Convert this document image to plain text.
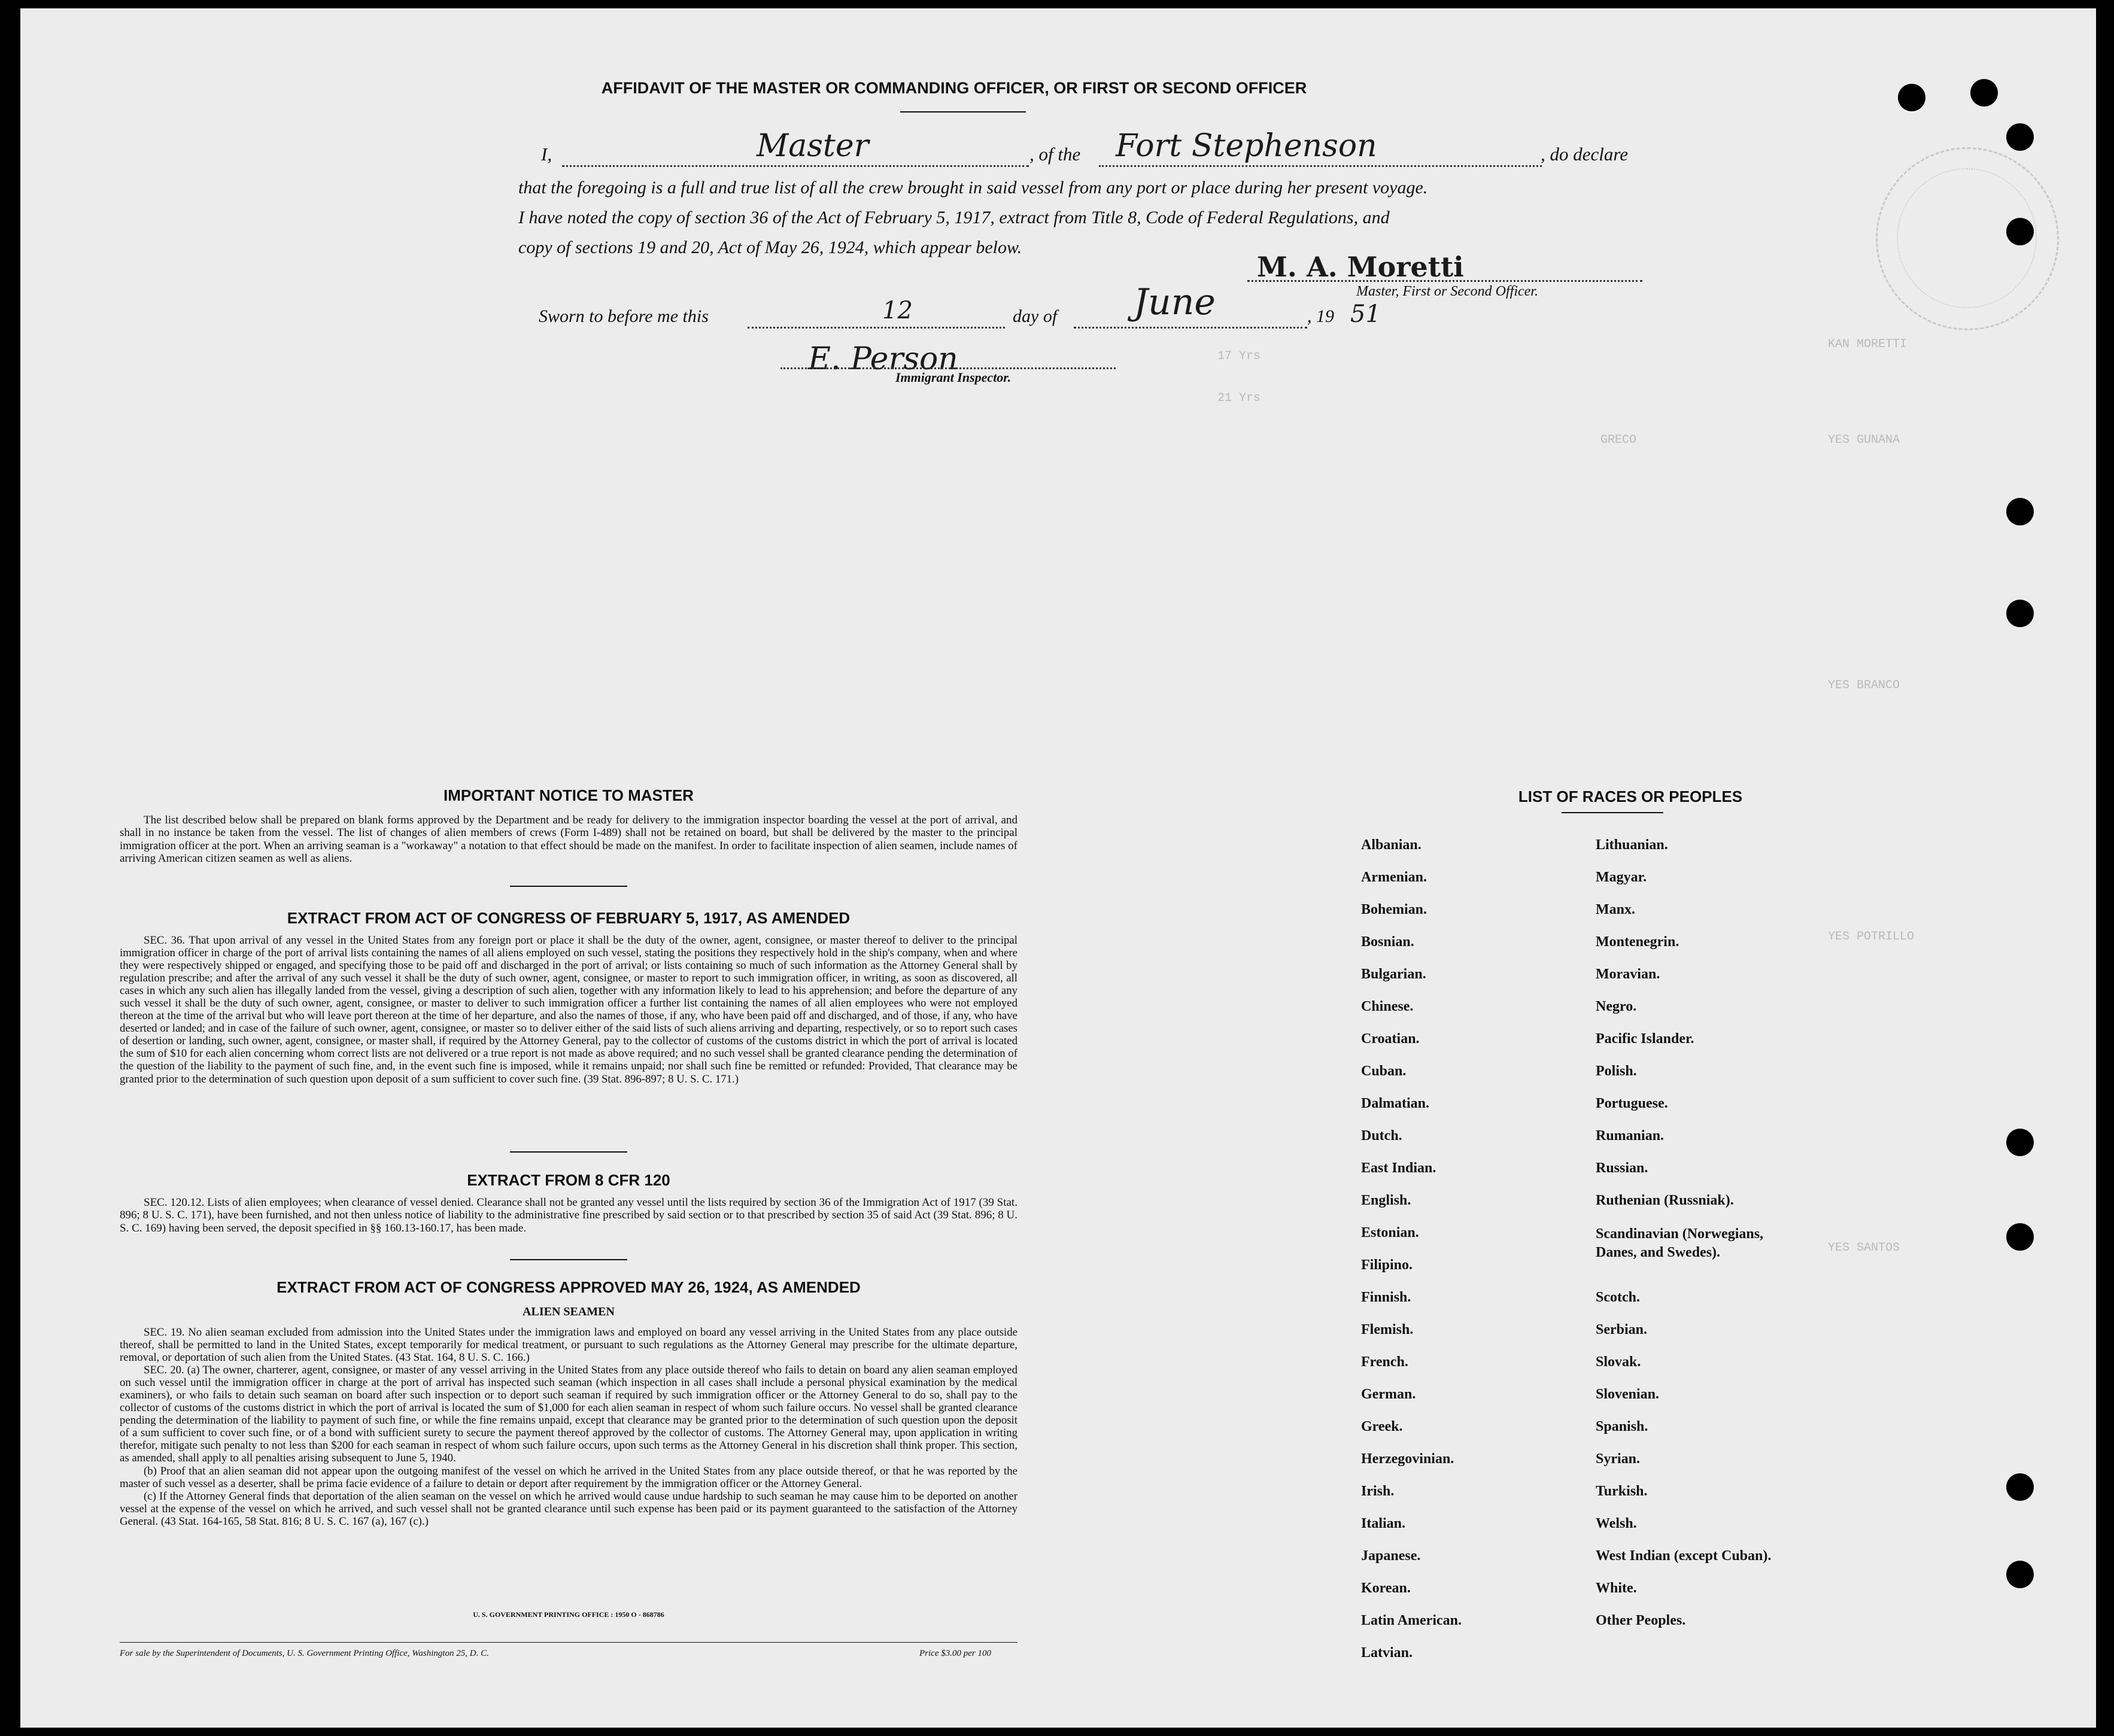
KAN MORETTI
YES GUNANA
GRECO
17 Yrs
21 Yrs
YES BRANCO
YES POTRILLO
YES SANTOS
AFFIDAVIT OF THE MASTER OR COMMANDING OFFICER, OR FIRST OR SECOND OFFICER
I,	Master	, of the Fort Stephenson	, do declare
that the foregoing is a full and true list of all the crew brought in said vessel from any port or place during her present voyage.
I have noted the copy of section 36 of the Act of February 5, 1917, extract from Title 8, Code of Federal Regulations, and
copy of sections 19 and 20, Act of May 26, 1924, which appear below.
M. A. Moretti
Master, First or Second Officer.
Sworn to before me this	12	day of June	, 19 51
E. Person
Immigrant Inspector.
IMPORTANT NOTICE TO MASTER

The list described below shall be prepared on blank forms approved by the Department and be ready for delivery to the immigration inspector boarding the vessel at the port of arrival, and shall in no instance be taken from the vessel. The list of changes of alien members of crews (Form I-489) shall not be retained on board, but shall be delivered by the master to the principal immigration officer at the port. When an arriving seaman is a "workaway" a notation to that effect should be made on the manifest. In order to facilitate inspection of alien seamen, include names of arriving American citizen seamen as well as aliens.

EXTRACT FROM ACT OF CONGRESS OF FEBRUARY 5, 1917, AS AMENDED

SEC. 36. That upon arrival of any vessel in the United States from any foreign port or place it shall be the duty of the owner, agent, consignee, or master thereof to deliver to the principal immigration officer in charge of the port of arrival lists containing the names of all aliens employed on such vessel, stating the positions they respectively hold in the ship's company, when and where they were respectively shipped or engaged, and specifying those to be paid off and discharged in the port of arrival; or lists containing so much of such information as the Attorney General shall by regulation prescribe; and after the arrival of any such vessel it shall be the duty of such owner, agent, consignee, or master to report to such immigration officer, in writing, as soon as discovered, all cases in which any such alien has illegally landed from the vessel, giving a description of such alien, together with any information likely to lead to his apprehension; and before the departure of any such vessel it shall be the duty of such owner, agent, consignee, or master to deliver to such immigration officer a further list containing the names of all alien employees who were not employed thereon at the time of the arrival but who will leave port thereon at the time of her departure, and also the names of those, if any, who have been paid off and discharged, and of those, if any, who have deserted or landed; and in case of the failure of such owner, agent, consignee, or master so to deliver either of the said lists of such aliens arriving and departing, respectively, or so to report such cases of desertion or landing, such owner, agent, consignee, or master shall, if required by the Attorney General, pay to the collector of customs of the customs district in which the port of arrival is located the sum of $10 for each alien concerning whom correct lists are not delivered or a true report is not made as above required; and no such vessel shall be granted clearance pending the determination of the question of the liability to the payment of such fine, and, in the event such fine is imposed, while it remains unpaid; nor shall such fine be remitted or refunded: Provided, That clearance may be granted prior to the determination of such question upon deposit of a sum sufficient to cover such fine. (39 Stat. 896-897; 8 U. S. C. 171.)

EXTRACT FROM 8 CFR 120

SEC. 120.12. Lists of alien employees; when clearance of vessel denied. Clearance shall not be granted any vessel until the lists required by section 36 of the Immigration Act of 1917 (39 Stat. 896; 8 U. S. C. 171), have been furnished, and not then unless notice of liability to the administrative fine prescribed by said section or to that prescribed by section 35 of said Act (39 Stat. 896; 8 U. S. C. 169) having been served, the deposit specified in §§ 160.13-160.17, has been made.

EXTRACT FROM ACT OF CONGRESS APPROVED MAY 26, 1924, AS AMENDED
ALIEN SEAMEN

SEC. 19. No alien seaman excluded from admission into the United States under the immigration laws and employed on board any vessel arriving in the United States from any place outside thereof, shall be permitted to land in the United States, except temporarily for medical treatment, or pursuant to such regulations as the Attorney General may prescribe for the ultimate departure, removal, or deportation of such alien from the United States. (43 Stat. 164, 8 U. S. C. 166.)

SEC. 20. (a) The owner, charterer, agent, consignee, or master of any vessel arriving in the United States from any place outside thereof who fails to detain on board any alien seaman employed on such vessel until the immigration officer in charge at the port of arrival has inspected such seaman (which inspection in all cases shall include a personal physical examination by the medical examiners), or who fails to detain such seaman on board after such inspection or to deport such seaman if required by such immigration officer or the Attorney General to do so, shall pay to the collector of customs of the customs district in which the port of arrival is located the sum of $1,000 for each alien seaman in respect of whom such failure occurs. No vessel shall be granted clearance pending the determination of the liability to payment of such fine, or while the fine remains unpaid, except that clearance may be granted prior to the determination of such question upon the deposit of a sum sufficient to cover such fine, or of a bond with sufficient surety to secure the payment thereof approved by the collector of customs. The Attorney General may, upon application in writing therefor, mitigate such penalty to not less than $200 for each seaman in respect of whom such failure occurs, upon such terms as the Attorney General in his discretion shall think proper. This section, as amended, shall apply to all penalties arising subsequent to June 5, 1940.

(b) Proof that an alien seaman did not appear upon the outgoing manifest of the vessel on which he arrived in the United States from any place outside thereof, or that he was reported by the master of such vessel as a deserter, shall be prima facie evidence of a failure to detain or deport after requirement by the immigration officer or the Attorney General.

(c) If the Attorney General finds that deportation of the alien seaman on the vessel on which he arrived would cause undue hardship to such seaman he may cause him to be deported on another vessel at the expense of the vessel on which he arrived, and such vessel shall not be granted clearance until such expense has been paid or its payment guaranteed to the satisfaction of the Attorney General. (43 Stat. 164-165, 58 Stat. 816; 8 U. S. C. 167 (a), 167 (c).)

U. S. GOVERNMENT PRINTING OFFICE : 1950 O - 868786
For sale by the Superintendent of Documents, U. S. Government Printing Office, Washington 25, D. C.	Price $3.00 per 100
LIST OF RACES OR PEOPLES
Albanian.
Armenian.
Bohemian.
Bosnian.
Bulgarian.
Chinese.
Croatian.
Cuban.
Dalmatian.
Dutch.
East Indian.
English.
Estonian.
Filipino.
Finnish.
Flemish.
French.
German.
Greek.
Herzegovinian.
Irish.
Italian.
Japanese.
Korean.
Latin American.
Latvian.
Lithuanian.
Magyar.
Manx.
Montenegrin.
Moravian.
Negro.
Pacific Islander.
Polish.
Portuguese.
Rumanian.
Russian.
Ruthenian (Russniak).
Scandinavian (Norwegians, Danes, and Swedes).
Scotch.
Serbian.
Slovak.
Slovenian.
Spanish.
Syrian.
Turkish.
Welsh.
West Indian (except Cuban).
White.
Other Peoples.
